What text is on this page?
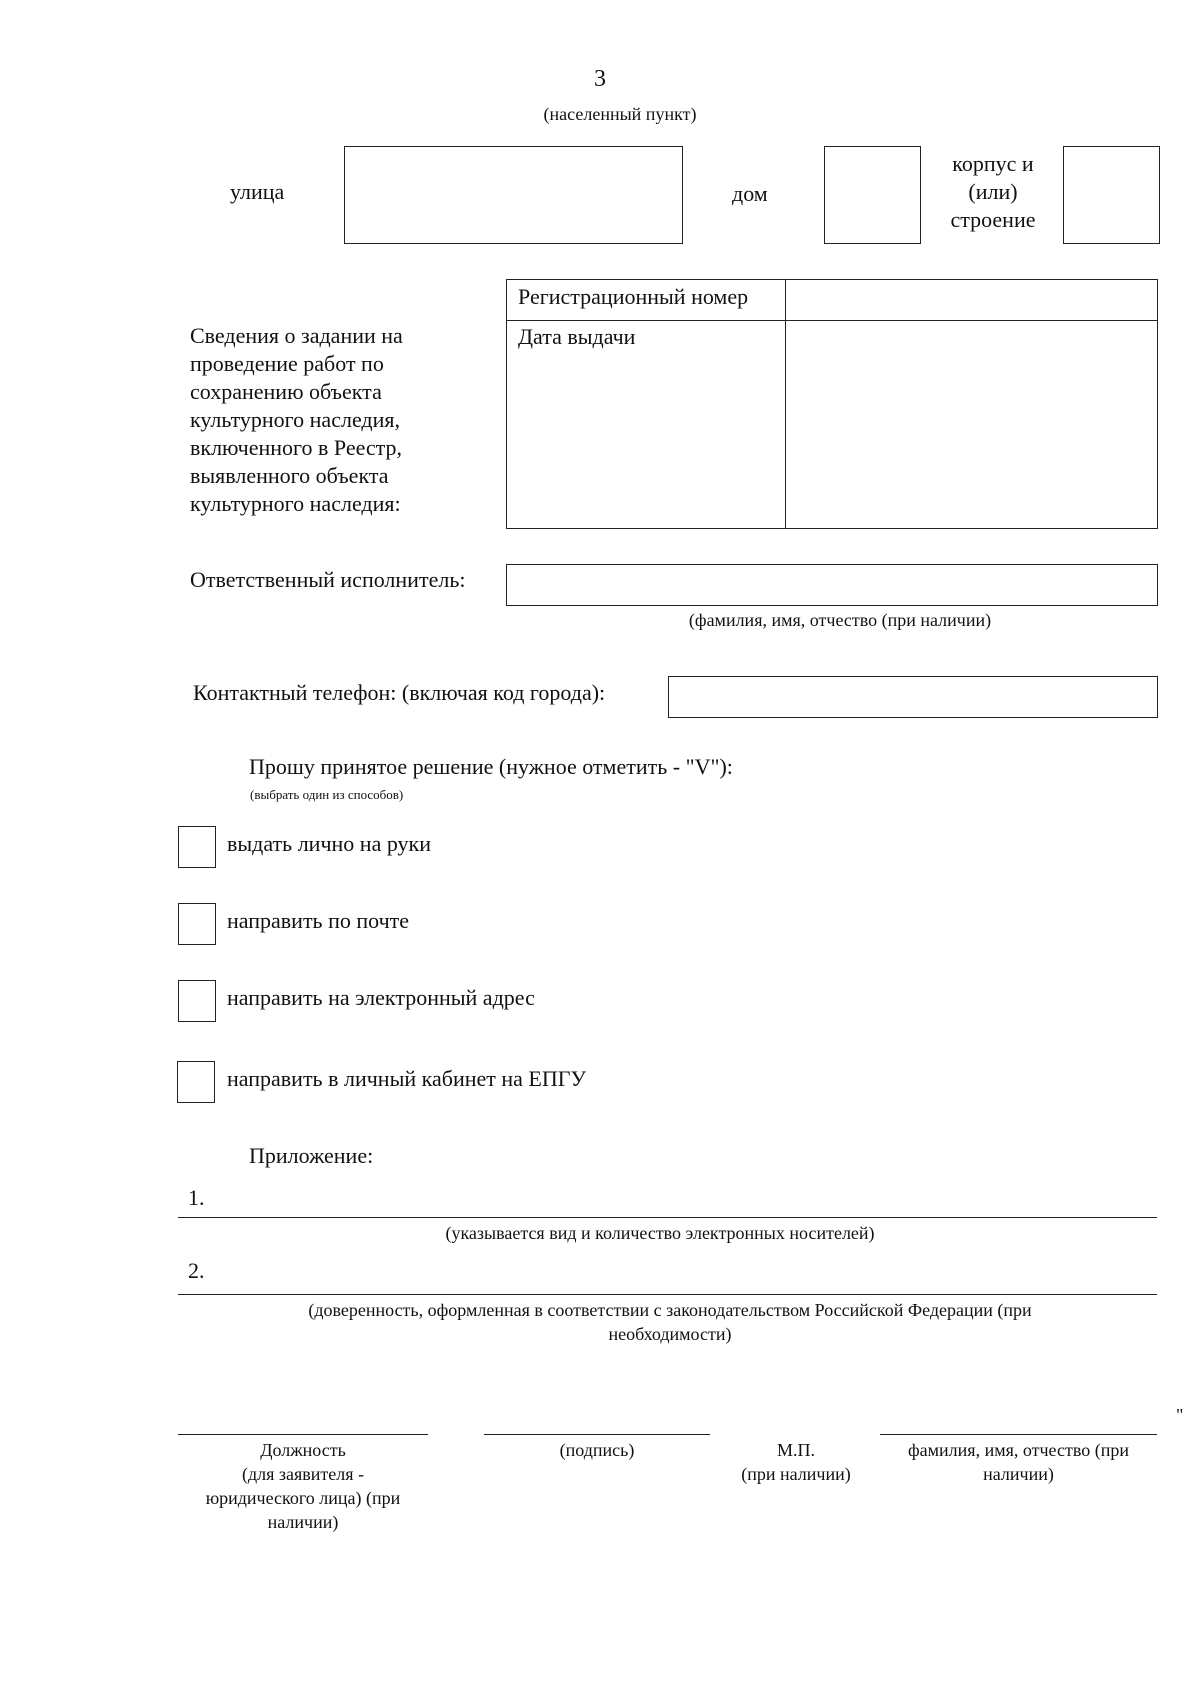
3
(населенный пункт)
улица	дом
корпус и
(или)
строение
Сведения о задании на
проведение работ по
сохранению объекта
культурного наследия,
включенного в Реестр,
выявленного объекта
культурного наследия:
Регистрационный номер
Дата выдачи
Ответственный исполнитель:
(фамилия, имя, отчество (при наличии)
Контактный телефон: (включая код города):
Прошу принятое решение (нужное отметить - "V"):
(выбрать один из способов)
выдать лично на руки
направить по почте
направить на электронный адрес
направить в личный кабинет на ЕПГУ
Приложение:
1.
(указывается вид и количество электронных носителей)
2.
(доверенность, оформленная в соответствии с законодательством Российской Федерации (при
необходимости)
"
Должность
(для заявителя -
юридического лица) (при
наличии)
(подпись)	М.П.
(при наличии)
фамилия, имя, отчество (при
наличии)
